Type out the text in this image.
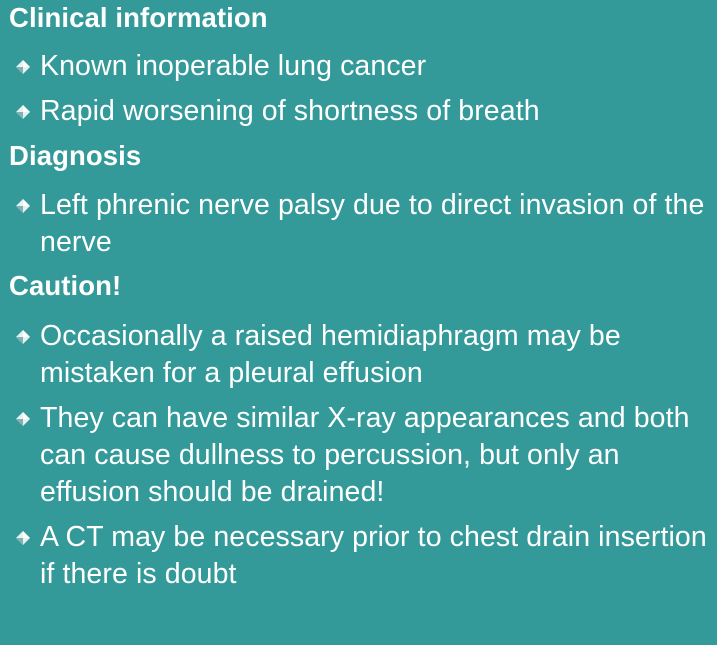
Clinical information
Known inoperable lung cancer
Rapid worsening of shortness of breath
Diagnosis
Left phrenic nerve palsy due to direct invasion of the nerve
Caution!
Occasionally a raised hemidiaphragm may be mistaken for a pleural effusion
They can have similar X-ray appearances and both can cause dullness to percussion, but only an effusion should be drained!
A CT may be necessary prior to chest drain insertion if there is doubt
